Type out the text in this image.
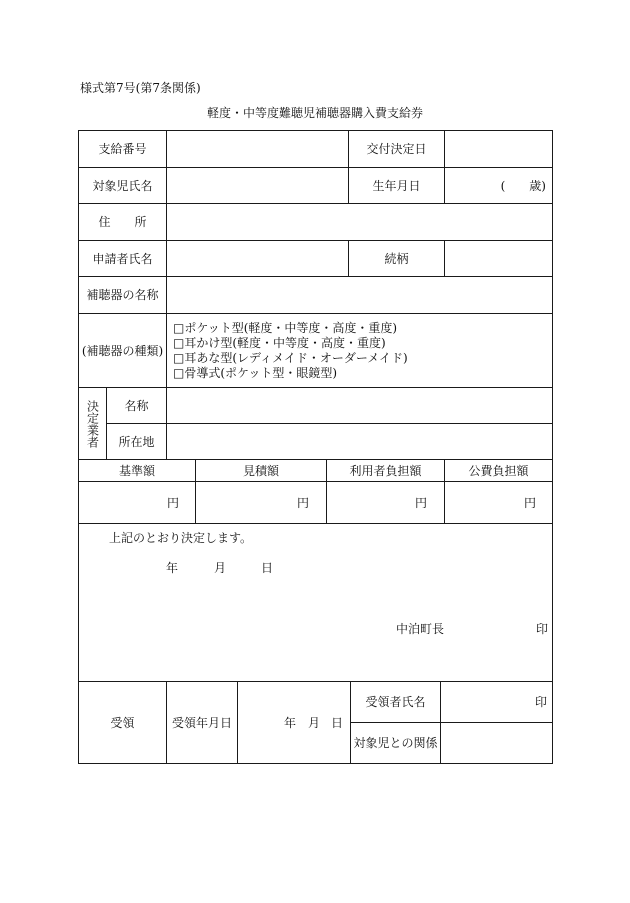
様式第7号(第7条関係)
軽度・中等度難聴児補聴器購入費支給券
支給番号	交付決定日
対象児氏名	生年月日	(　　歳)
住　　所
申請者氏名	続柄
補聴器の名称
(補聴器の種類)
□ポケット型(軽度・中等度・高度・重度)
□耳かけ型(軽度・中等度・高度・重度)
□耳あな型(レディメイド・オーダーメイド)
□骨導式(ポケット型・眼鏡型)
決定業者	名称
所在地
基準額	見積額	利用者負担額	公費負担額
円	円	円	円
上記のとおり決定します。
年	月	日
中泊町長	印
受領	受領年月日	年 月 日
受領者氏名	印
対象児との関係
